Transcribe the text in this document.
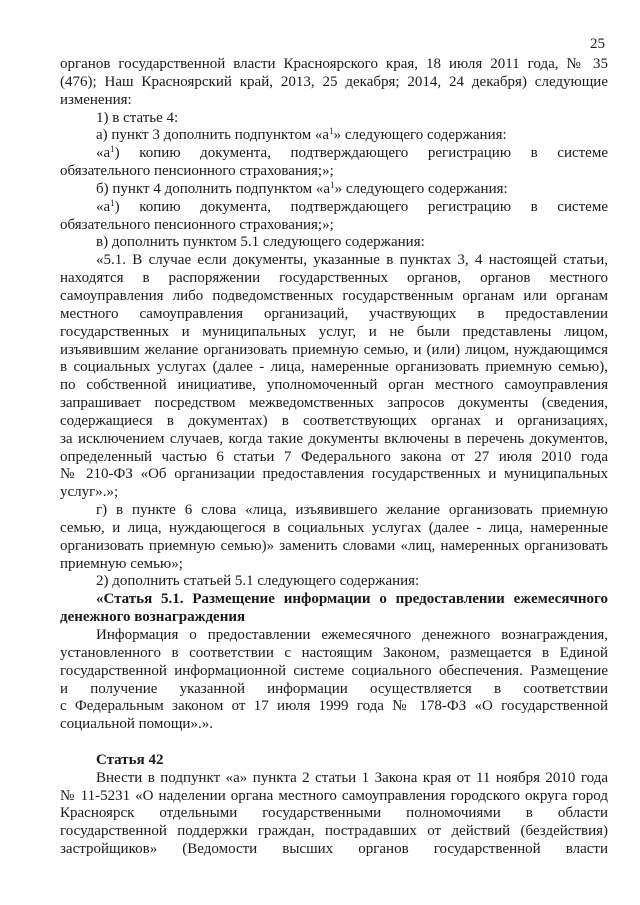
25
органов государственной власти Красноярского края, 18 июля 2011 года, № 35
(476); Наш Красноярский край, 2013, 25 декабря; 2014, 24 декабря) следующие
изменения:
1) в статье 4:
а) пункт 3 дополнить подпунктом «$а^1$» следующего содержания:
«$а^1$) копию документа, подтверждающего регистрацию в системе
обязательного пенсионного страхования;»;
б) пункт 4 дополнить подпунктом «$а^1$» следующего содержания:
«$а^1$) копию документа, подтверждающего регистрацию в системе
обязательного пенсионного страхования;»;
в) дополнить пунктом 5.1 следующего содержания:
«5.1. В случае если документы, указанные в пунктах 3, 4 настоящей статьи,
находятся в распоряжении государственных органов, органов местного
самоуправления либо подведомственных государственным органам или органам
местного самоуправления организаций, участвующих в предоставлении
государственных и муниципальных услуг, и не были представлены лицом,
изъявившим желание организовать приемную семью, и (или) лицом, нуждающимся
в социальных услугах (далее - лица, намеренные организовать приемную семью),
по собственной инициативе, уполномоченный орган местного самоуправления
запрашивает посредством межведомственных запросов документы (сведения,
содержащиеся в документах) в соответствующих органах и организациях,
за исключением случаев, когда такие документы включены в перечень документов,
определенный частью 6 статьи 7 Федерального закона от 27 июля 2010 года
№ 210-ФЗ «Об организации предоставления государственных и муниципальных
услуг».»;
г) в пункте 6 слова «лица, изъявившего желание организовать приемную
семью, и лица, нуждающегося в социальных услугах (далее - лица, намеренные
организовать приемную семью)» заменить словами «лиц, намеренных организовать
приемную семью»;
2) дополнить статьей 5.1 следующего содержания:
«Статья 5.1. Размещение информации о предоставлении ежемесячного
денежного вознаграждения
Информация о предоставлении ежемесячного денежного вознаграждения,
установленного в соответствии с настоящим Законом, размещается в Единой
государственной информационной системе социального обеспечения. Размещение
и получение указанной информации осуществляется в соответствии
с Федеральным законом от 17 июля 1999 года № 178-ФЗ «О государственной
социальной помощи».».
Статья 42
Внести в подпункт «а» пункта 2 статьи 1 Закона края от 11 ноября 2010 года
№ 11-5231 «О наделении органа местного самоуправления городского округа город
Красноярск отдельными государственными полномочиями в области
государственной поддержки граждан, пострадавших от действий (бездействия)
застройщиков» (Ведомости высших органов государственной власти
